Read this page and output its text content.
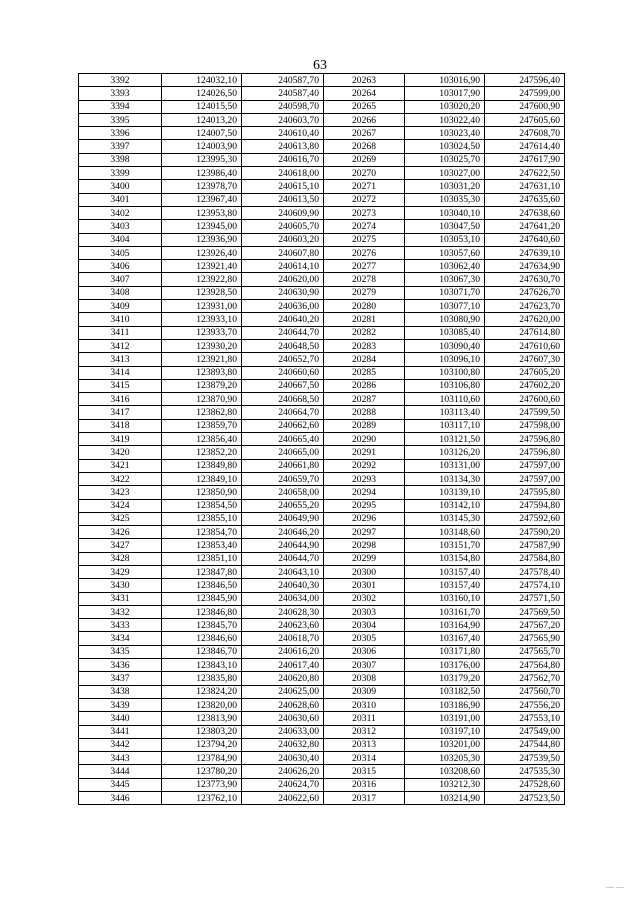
63
3392	124032,10	240587,70	20263	103016,90	247596,40
3393	124026,50	240587,40	20264	103017,90	247599,00
3394	124015,50	240598,70	20265	103020,20	247600,90
3395	124013,20	240603,70	20266	103022,40	247605,60
3396	124007,50	240610,40	20267	103023,40	247608,70
3397	124003,90	240613,80	20268	103024,50	247614,40
3398	123995,30	240616,70	20269	103025,70	247617,90
3399	123986,40	240618,00	20270	103027,00	247622,50
3400	123978,70	240615,10	20271	103031,20	247631,10
3401	123967,40	240613,50	20272	103035,30	247635,60
3402	123953,80	240609,90	20273	103040,10	247638,60
3403	123945,00	240605,70	20274	103047,50	247641,20
3404	123936,90	240603,20	20275	103053,10	247640,60
3405	123926,40	240607,80	20276	103057,60	247639,10
3406	123921,40	240614,10	20277	103062,40	247634,90
3407	123922,80	240620,00	20278	103067,30	247630,70
3408	123928,50	240630,90	20279	103071,70	247626,70
3409	123931,00	240636,00	20280	103077,10	247623,70
3410	123933,10	240640,20	20281	103080,90	247620,00
3411	123933,70	240644,70	20282	103085,40	247614,80
3412	123930,20	240648,50	20283	103090,40	247610,60
3413	123921,80	240652,70	20284	103096,10	247607,30
3414	123893,80	240660,60	20285	103100,80	247605,20
3415	123879,20	240667,50	20286	103106,80	247602,20
3416	123870,90	240668,50	20287	103110,60	247600,60
3417	123862,80	240664,70	20288	103113,40	247599,50
3418	123859,70	240662,60	20289	103117,10	247598,00
3419	123856,40	240665,40	20290	103121,50	247596,80
3420	123852,20	240665,00	20291	103126,20	247596,80
3421	123849,80	240661,80	20292	103131,00	247597,00
3422	123849,10	240659,70	20293	103134,30	247597,00
3423	123850,90	240658,00	20294	103139,10	247595,80
3424	123854,50	240655,20	20295	103142,10	247594,80
3425	123855,10	240649,90	20296	103145,30	247592,60
3426	123854,70	240646,20	20297	103148,60	247590,20
3427	123853,40	240644,90	20298	103151,70	247587,90
3428	123851,10	240644,70	20299	103154,80	247584,80
3429	123847,80	240643,10	20300	103157,40	247578,40
3430	123846,50	240640,30	20301	103157,40	247574,10
3431	123845,90	240634,00	20302	103160,10	247571,50
3432	123846,80	240628,30	20303	103161,70	247569,50
3433	123845,70	240623,60	20304	103164,90	247567,20
3434	123846,60	240618,70	20305	103167,40	247565,90
3435	123846,70	240616,20	20306	103171,80	247565,70
3436	123843,10	240617,40	20307	103176,00	247564,80
3437	123835,80	240620,80	20308	103179,20	247562,70
3438	123824,20	240625,00	20309	103182,50	247560,70
3439	123820,00	240628,60	20310	103186,90	247556,20
3440	123813,90	240630,60	20311	103191,00	247553,10
3441	123803,20	240633,00	20312	103197,10	247549,00
3442	123794,20	240632,80	20313	103201,00	247544,80
3443	123784,90	240630,40	20314	103205,30	247539,50
3444	123780,20	240626,20	20315	103208,60	247535,30
3445	123773,90	240624,70	20316	103212,30	247528,60
3446	123762,10	240622,60	20317	103214,90	247523,50
— —
